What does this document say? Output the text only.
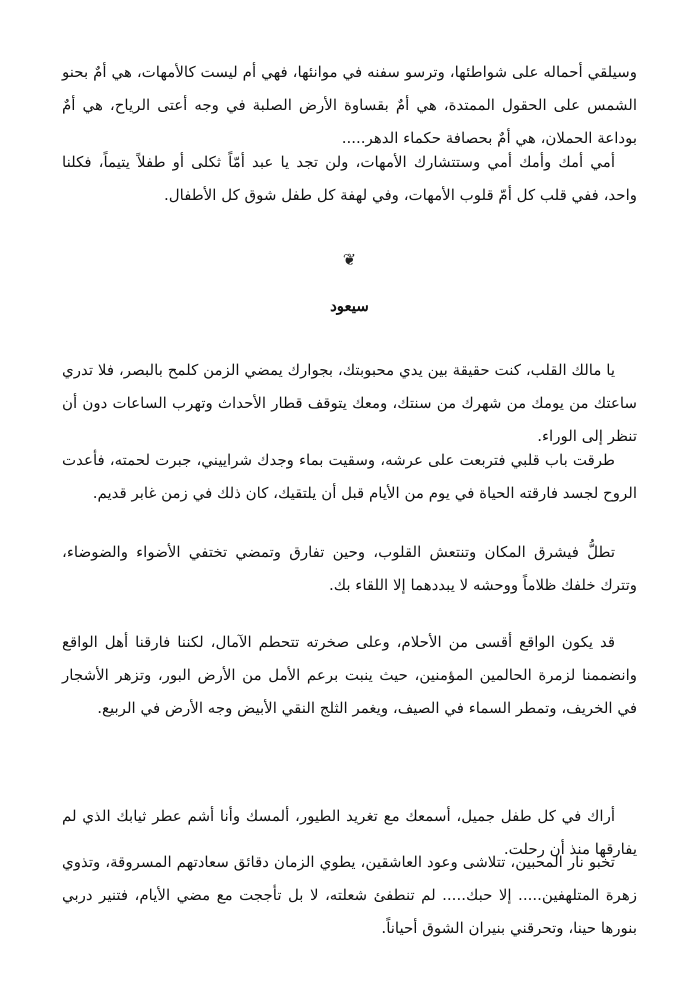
وسيلقي أحماله على شواطئها، وترسو سفنه في موانئها، فهي أم ليست كالأمهات، هي أمٌ بحنو الشمس على الحقول الممتدة، هي أمٌ بقساوة الأرض الصلبة في وجه أعتى الرياح، هي أمٌ بوداعة الحملان، هي أمٌ بحصافة حكماء الدهر.....

أمي أمك وأمك أمي وستتشارك الأمهات، ولن تجد يا عبد أمّاً ثكلى أو طفلاً يتيماً، فكلنا واحد، ففي قلب كل أمّ قلوب الأمهات، وفي لهفة كل طفل شوق كل الأطفال.

❦
سيعود

يا مالك القلب، كنت حقيقة بين يدي محبوبتك، بجوارك يمضي الزمن كلمح بالبصر، فلا تدري ساعتك من يومك من شهرك من سنتك، ومعك يتوقف قطار الأحداث وتهرب الساعات دون أن تنظر إلى الوراء.

طرقت باب قلبي فتربعت على عرشه، وسقيت بماء وجدك شراييني، جبرت لحمته، فأعدت الروح لجسد فارقته الحياة في يوم من الأيام قبل أن يلتقيك، كان ذلك في زمن غابر قديم.

تطلُّ فيشرق المكان وتنتعش القلوب، وحين تفارق وتمضي تختفي الأضواء والضوضاء، وتترك خلفك ظلاماً ووحشه لا يبددهما إلا اللقاء بك.

قد يكون الواقع أقسى من الأحلام، وعلى صخرته تتحطم الآمال، لكننا فارقنا أهل الواقع وانضممنا لزمرة الحالمين المؤمنين، حيث ينبت برعم الأمل من الأرض البور، وتزهر الأشجار في الخريف، وتمطر السماء في الصيف، ويغمر الثلج النقي الأبيض وجه الأرض في الربيع.

أراك في كل طفل جميل، أسمعك مع تغريد الطيور، ألمسك وأنا أشم عطر ثيابك الذي لم يفارقها منذ أن رحلت.

تخبو نار المحبين، تتلاشى وعود العاشقين، يطوي الزمان دقائق سعادتهم المسروقة، وتذوي زهرة المتلهفين..... إلا حبك..... لم تنطفئ شعلته، لا بل تأججت مع مضي الأيام، فتنير دربي بنورها حينا، وتحرقني بنيران الشوق أحياناً.
